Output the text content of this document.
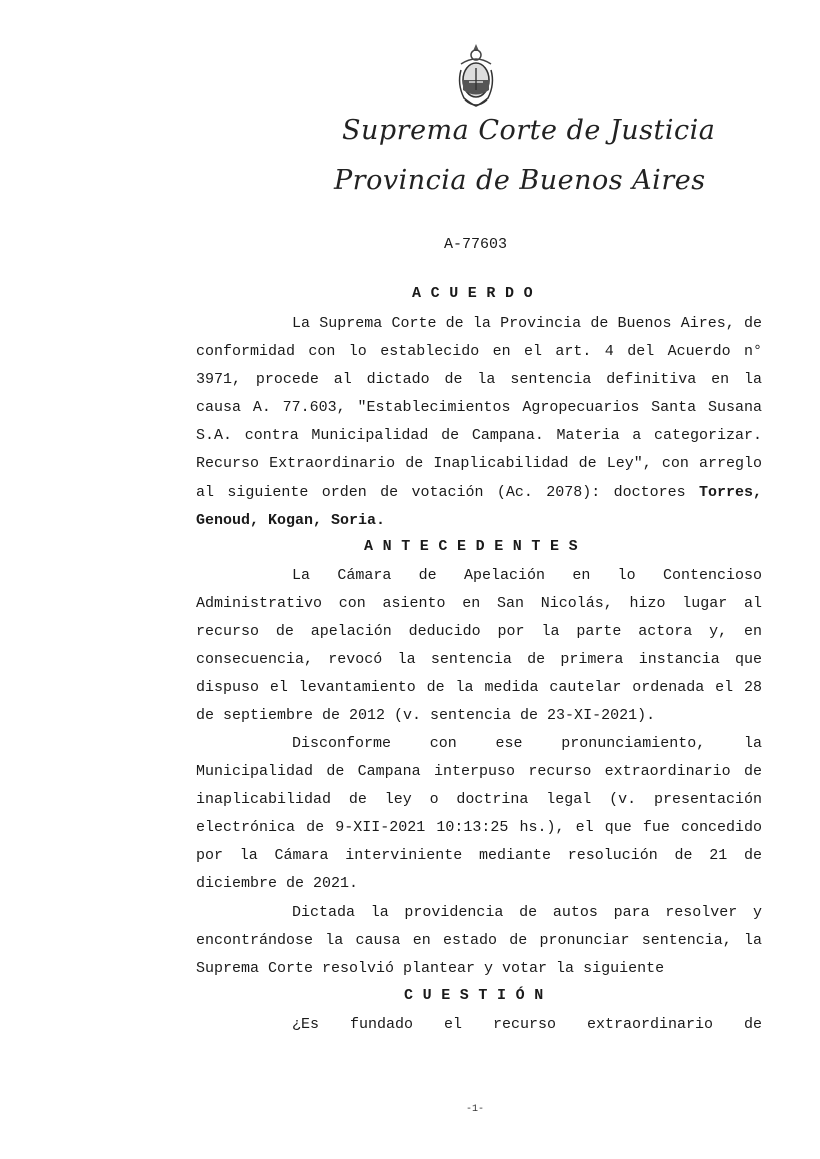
Suprema Corte de Justicia
Provincia de Buenos Aires
A-77603
ACUERDO
La Suprema Corte de la Provincia de Buenos Aires, de conformidad con lo establecido en el art. 4 del Acuerdo n° 3971, procede al dictado de la sentencia definitiva en la causa A. 77.603, "Establecimientos Agropecuarios Santa Susana S.A. contra Municipalidad de Campana. Materia a categorizar. Recurso Extraordinario de Inaplicabilidad de Ley", con arreglo al siguiente orden de votación (Ac. 2078): doctores Torres, Genoud, Kogan, Soria.
ANTECEDENTES
La Cámara de Apelación en lo Contencioso Administrativo con asiento en San Nicolás, hizo lugar al recurso de apelación deducido por la parte actora y, en consecuencia, revocó la sentencia de primera instancia que dispuso el levantamiento de la medida cautelar ordenada el 28 de septiembre de 2012 (v. sentencia de 23-XI-2021).
Disconforme con ese pronunciamiento, la Municipalidad de Campana interpuso recurso extraordinario de inaplicabilidad de ley o doctrina legal (v. presentación electrónica de 9-XII-2021 10:13:25 hs.), el que fue concedido por la Cámara interviniente mediante resolución de 21 de diciembre de 2021.
Dictada la providencia de autos para resolver y encontrándose la causa en estado de pronunciar sentencia, la Suprema Corte resolvió plantear y votar la siguiente
CUESTIÓN
¿Es fundado el recurso extraordinario de
-1-
